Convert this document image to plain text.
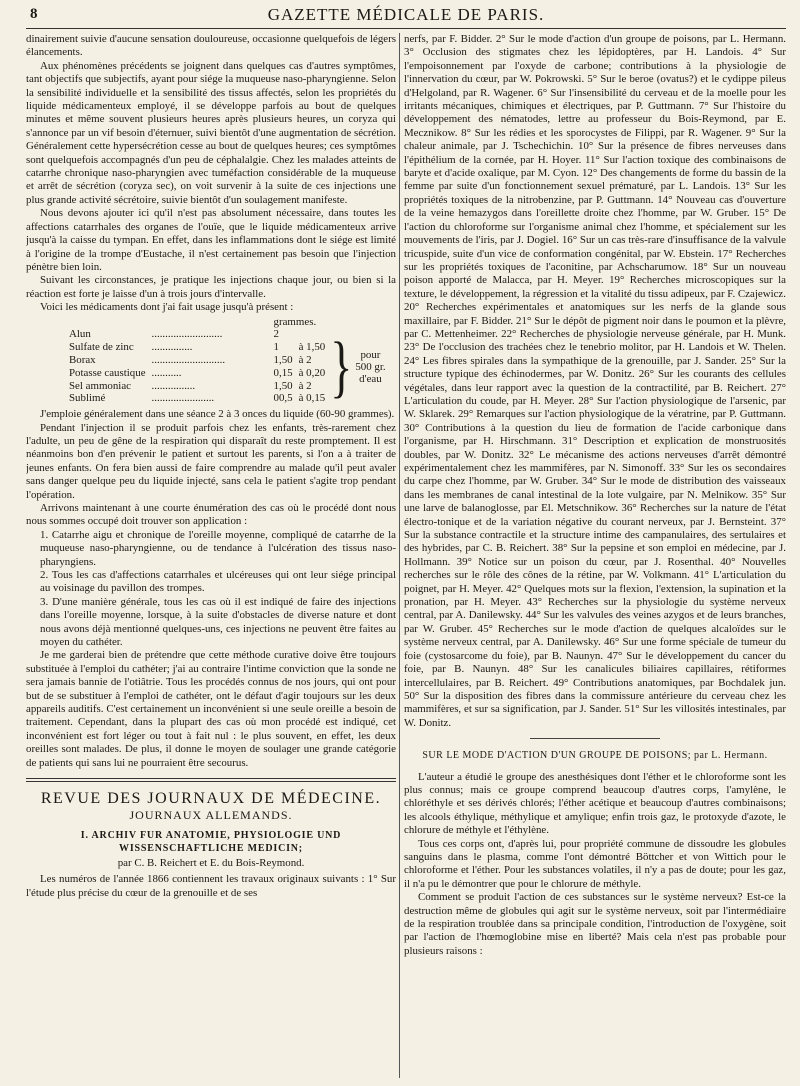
8	GAZETTE MÉDICALE DE PARIS.

dinairement suivie d'aucune sensation douloureuse, occasionne quelquefois de légers élancements.

Aux phénomènes précédents se joignent dans quelques cas d'autres symptômes, tant objectifs que subjectifs, ayant pour siége la muqueuse naso-pharyngienne. Selon la sensibilité individuelle et la sensibilité des tissus affectés, selon les propriétés du liquide médicamenteux employé, il se développe parfois au bout de quelques minutes et même souvent plusieurs heures après plusieurs heures, un coryza qui s'annonce par un vif besoin d'éternuer, suivi bientôt d'une augmentation de sécrétion. Généralement cette hypersécrétion cesse au bout de quelques heures; ces symptômes sont quelquefois accompagnés d'un peu de céphalalgie. Chez les malades atteints de catarrhe chronique naso-pharyngien avec tuméfaction considérable de la muqueuse et arrêt de sécrétion (coryza sec), on voit survenir à la suite de ces injections une plus grande activité sécrétoire, suivie bientôt d'un soulagement manifeste.

Nous devons ajouter ici qu'il n'est pas absolument nécessaire, dans toutes les affections catarrhales des organes de l'ouïe, que le liquide médicamenteux arrive jusqu'à la caisse du tympan. En effet, dans les inflammations dont le siége est limité à l'origine de la trompe d'Eustache, il n'est certainement pas besoin que l'injection pénètre bien loin.

Suivant les circonstances, je pratique les injections chaque jour, ou bien si la réaction est forte je laisse d'un à trois jours d'intervalle.

Voici les médicaments dont j'ai fait usage jusqu'à présent :

		grammes.		
Alun	..........................	2		} pour
500 gr.
d'eau

Sulfate de zinc	...............	1	à 1,50	
Borax	...........................	1,50	à 2	
Potasse caustique	...........	0,15	à 0,20	
Sel ammoniac	................	1,50	à 2	
Sublimé	.......................	00,5	à 0,15	

J'emploie généralement dans une séance 2 à 3 onces du liquide (60-90 grammes).

Pendant l'injection il se produit parfois chez les enfants, très-rarement chez l'adulte, un peu de gêne de la respiration qui disparaît du reste promptement. Il est néanmoins bon d'en prévenir le patient et surtout les parents, si l'on a à traiter de jeunes enfants. On fera bien aussi de faire comprendre au malade qu'il peut avaler sans danger quelque peu du liquide injecté, sans cela le patient s'agite trop pendant l'opération.

Arrivons maintenant à une courte énumération des cas où le procédé dont nous nous sommes occupé doit trouver son application :

1. Catarrhe aigu et chronique de l'oreille moyenne, compliqué de catarrhe de la muqueuse naso-pharyngienne, ou de tendance à l'ulcération des tissus naso-pharyngiens.

2. Tous les cas d'affections catarrhales et ulcéreuses qui ont leur siége principal au voisinage du pavillon des trompes.

3. D'une manière générale, tous les cas où il est indiqué de faire des injections dans l'oreille moyenne, lorsque, à la suite d'obstacles de diverse nature et dont nous avons déjà mentionné quelques-uns, ces injections ne peuvent être faites au moyen du cathéter.

Je me garderai bien de prétendre que cette méthode curative doive être toujours substituée à l'emploi du cathéter; j'ai au contraire l'intime conviction que la sonde ne sera jamais bannie de l'otiâtrie. Tous les procédés connus de nos jours, qui ont pour but de se substituer à l'emploi de cathéter, ont le défaut d'agir toujours sur les deux appareils auditifs. C'est certainement un inconvénient si une seule oreille a besoin de traitement. Cependant, dans la plupart des cas où mon procédé est indiqué, cet inconvénient est fort léger ou tout à fait nul : le plus souvent, en effet, les deux oreilles sont malades. De plus, il donne le moyen de soulager une grande catégorie de patients qui sans lui ne pourraient être secourus.

REVUE DES JOURNAUX DE MÉDECINE.
JOURNAUX ALLEMANDS.
I. ARCHIV FUR ANATOMIE, PHYSIOLOGIE UND
WISSENSCHAFTLICHE MEDICIN;
par C. B. Reichert et E. du Bois-Reymond.

Les numéros de l'année 1866 contiennent les travaux originaux suivants : 1° Sur l'étude plus précise du cœur de la grenouille et de ses

nerfs, par F. Bidder. 2° Sur le mode d'action d'un groupe de poisons, par L. Hermann. 3° Occlusion des stigmates chez les lépidoptères, par H. Landois. 4° Sur l'empoisonnement par l'oxyde de carbone; contributions à la physiologie de l'innervation du cœur, par W. Pokrowski. 5° Sur le beroe (ovatus?) et le cydippe pileus d'Helgoland, par R. Wagener. 6° Sur l'insensibilité du cerveau et de la moelle pour les irritants mécaniques, chimiques et électriques, par P. Guttmann. 7° Sur l'histoire du développement des nématodes, lettre au professeur du Bois-Reymond, par E. Mecznikow. 8° Sur les rédies et les sporocystes de Filippi, par R. Wagener. 9° Sur la chaleur animale, par J. Tschechichin. 10° Sur la présence de fibres nerveuses dans l'épithélium de la cornée, par H. Hoyer. 11° Sur l'action toxique des combinaisons de baryte et d'acide oxalique, par M. Cyon. 12° Des changements de forme du bassin de la femme par suite d'un fonctionnement sexuel prématuré, par L. Landois. 13° Sur les propriétés toxiques de la nitrobenzine, par P. Guttmann. 14° Nouveau cas d'ouverture de la veine hemazygos dans l'oreillette droite chez l'homme, par W. Gruber. 15° De l'action du chloroforme sur l'organisme animal chez l'homme, et spécialement sur les mouvements de l'iris, par J. Dogiel. 16° Sur un cas très-rare d'insuffisance de la valvule tricuspide, suite d'un vice de conformation congénital, par W. Ebstein. 17° Recherches sur les propriétés toxiques de l'aconitine, par Achscharumow. 18° Sur un nouveau poison apporté de Malacca, par H. Meyer. 19° Recherches microscopiques sur la texture, le développement, la régression et la vitalité du tissu adipeux, par F. Czajewicz. 20° Recherches expérimentales et anatomiques sur les nerfs de la glande sous maxillaire, par F. Bidder. 21° Sur le dépôt de pigment noir dans le poumon et la plèvre, par C. Mettenheimer. 22° Recherches de physiologie nerveuse générale, par H. Munk. 23° De l'occlusion des trachées chez le tenebrio molitor, par H. Landois et W. Thelen. 24° Les fibres spirales dans la sympathique de la grenouille, par J. Sander. 25° Sur la structure typique des échinodermes, par W. Donitz. 26° Sur les courants des cellules végétales, dans leur rapport avec la question de la contractilité, par B. Reichert. 27° L'articulation du coude, par H. Meyer. 28° Sur l'action physiologique de l'arsenic, par W. Sklarek. 29° Remarques sur l'action physiologique de la vératrine, par P. Guttmann. 30° Contributions à la question du lieu de formation de l'acide carbonique dans l'organisme, par H. Hirschmann. 31° Description et explication de monstruosités doubles, par W. Donitz. 32° Le mécanisme des actions nerveuses d'arrêt démontré expérimentalement chez les mammifères, par N. Simonoff. 33° Sur les os secondaires du carpe chez l'homme, par W. Gruber. 34° Sur le mode de distribution des vaisseaux dans les membranes de canal intestinal de la lote vulgaire, par N. Melnikow. 35° Sur une larve de balanoglosse, par El. Metschnikow. 36° Recherches sur la nature de l'état électro-tonique et de la variation négative du courant nerveux, par J. Bernsteint. 37° Sur la substance contractile et la structure intime des campanulaires, des sertulaires et des hybrides, par C. B. Reichert. 38° Sur la pepsine et son emploi en médecine, par J. Hollmann. 39° Notice sur un poison du cœur, par J. Rosenthal. 40° Nouvelles recherches sur le rôle des cônes de la rétine, par W. Volkmann. 41° L'articulation du poignet, par H. Meyer. 42° Quelques mots sur la flexion, l'extension, la supination et la pronation, par H. Meyer. 43° Recherches sur la physiologie du système nerveux central, par A. Danilewsky. 44° Sur les valvules des veines azygos et de leurs branches, par W. Gruber. 45° Recherches sur le mode d'action de quelques alcaloïdes sur le système nerveux central, par A. Danilewsky. 46° Sur une forme spéciale de tumeur du foie (cystosarcome du foie), par B. Naunyn. 47° Sur le développement du cancer du foie, par B. Naunyn. 48° Sur les canalicules biliaires capillaires, rétiformes intercellulaires, par B. Reichert. 49° Contributions anatomiques, par Bochdalek jun. 50° Sur la disposition des fibres dans la commissure antérieure du cerveau chez les mammifères, et sur sa signification, par J. Sander. 51° Sur les villosités intestinales, par W. Donitz.

SUR LE MODE D'ACTION D'UN GROUPE DE POISONS; par L. Hermann.

L'auteur a étudié le groupe des anesthésiques dont l'éther et le chloroforme sont les plus connus; mais ce groupe comprend beaucoup d'autres corps, l'amylène, le chloréthyle et ses dérivés chlorés; l'éther acétique et beaucoup d'autres combinaisons; les alcools éthylique, méthylique et amylique; enfin trois gaz, le protoxyde d'azote, le chlorure de méthyle et l'éthylène.

Tous ces corps ont, d'après lui, pour propriété commune de dissoudre les globules sanguins dans le plasma, comme l'ont démontré Böttcher et von Wittich pour le chloroforme et l'éther. Pour les substances volatiles, il n'y a pas de doute; pour les gaz, il n'a pu le démontrer que pour le chlorure de méthyle.

Comment se produit l'action de ces substances sur le système nerveux? Est-ce la destruction même de globules qui agit sur le système nerveux, soit par l'intermédiaire de la respiration troublée dans sa principale condition, l'introduction de l'oxygène, soit par l'action de l'hœmoglobine mise en liberté? Mais cela n'est pas probable pour plusieurs raisons :
